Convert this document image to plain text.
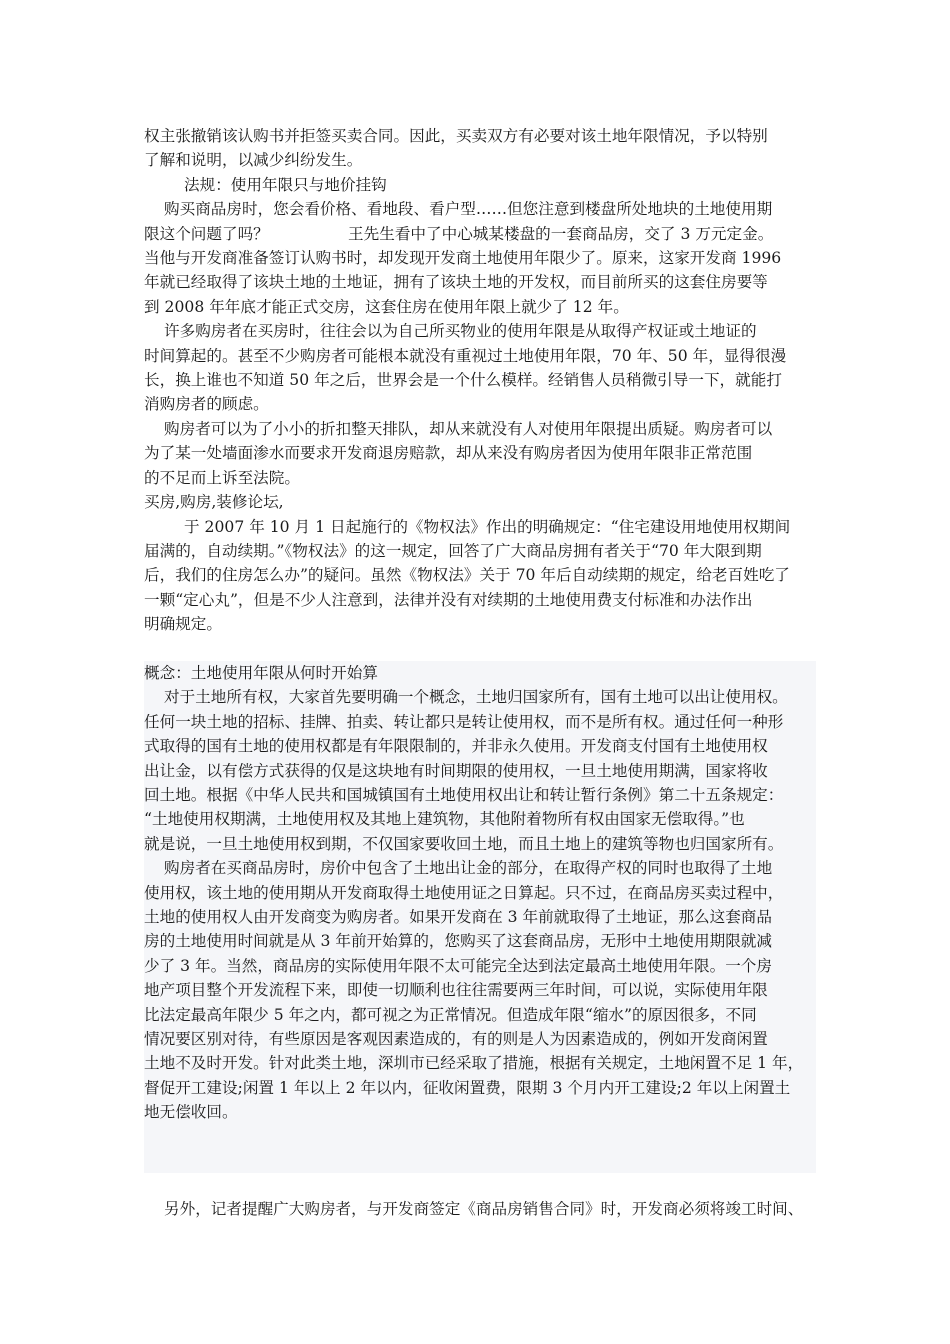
权主张撤销该认购书并拒签买卖合同。因此，买卖双方有必要对该土地年限情况，予以特别
了解和说明，以减少纠纷发生。
法规：使用年限只与地价挂钩
购买商品房时，您会看价格、看地段、看户型……但您注意到楼盘所处地块的土地使用期
限这个问题了吗？                王先生看中了中心城某楼盘的一套商品房，交了 3 万元定金。
当他与开发商准备签订认购书时，却发现开发商土地使用年限少了。原来，这家开发商 1996
年就已经取得了该块土地的土地证，拥有了该块土地的开发权，而目前所买的这套住房要等
到 2008 年年底才能正式交房，这套住房在使用年限上就少了 12 年。
许多购房者在买房时，往往会以为自己所买物业的使用年限是从取得产权证或土地证的
时间算起的。甚至不少购房者可能根本就没有重视过土地使用年限，70 年、50 年，显得很漫
长，换上谁也不知道 50 年之后，世界会是一个什么模样。经销售人员稍微引导一下，就能打
消购房者的顾虑。
购房者可以为了小小的折扣整天排队，却从来就没有人对使用年限提出质疑。购房者可以
为了某一处墙面渗水而要求开发商退房赔款，却从来没有购房者因为使用年限非正常范围
的不足而上诉至法院。
买房,购房,装修论坛,
于 2007 年 10 月 1 日起施行的《物权法》作出的明确规定：“住宅建设用地使用权期间
届满的，自动续期。”《物权法》的这一规定，回答了广大商品房拥有者关于“70 年大限到期
后，我们的住房怎么办”的疑问。虽然《物权法》关于 70 年后自动续期的规定，给老百姓吃了
一颗“定心丸”，但是不少人注意到，法律并没有对续期的土地使用费支付标准和办法作出
明确规定。
概念：土地使用年限从何时开始算
对于土地所有权，大家首先要明确一个概念，土地归国家所有，国有土地可以出让使用权。
任何一块土地的招标、挂牌、拍卖、转让都只是转让使用权，而不是所有权。通过任何一种形
式取得的国有土地的使用权都是有年限限制的，并非永久使用。开发商支付国有土地使用权
出让金，以有偿方式获得的仅是这块地有时间期限的使用权，一旦土地使用期满，国家将收
回土地。根据《中华人民共和国城镇国有土地使用权出让和转让暂行条例》第二十五条规定：
“土地使用权期满，土地使用权及其地上建筑物，其他附着物所有权由国家无偿取得。”也
就是说，一旦土地使用权到期，不仅国家要收回土地，而且土地上的建筑等物也归国家所有。
购房者在买商品房时，房价中包含了土地出让金的部分，在取得产权的同时也取得了土地
使用权，该土地的使用期从开发商取得土地使用证之日算起。只不过，在商品房买卖过程中，
土地的使用权人由开发商变为购房者。如果开发商在 3 年前就取得了土地证，那么这套商品
房的土地使用时间就是从 3 年前开始算的，您购买了这套商品房，无形中土地使用期限就减
少了 3 年。当然，商品房的实际使用年限不太可能完全达到法定最高土地使用年限。一个房
地产项目整个开发流程下来，即使一切顺利也往往需要两三年时间，可以说，实际使用年限
比法定最高年限少 5 年之内，都可视之为正常情况。但造成年限“缩水”的原因很多，不同
情况要区别对待，有些原因是客观因素造成的，有的则是人为因素造成的，例如开发商闲置
土地不及时开发。针对此类土地，深圳市已经采取了措施，根据有关规定，土地闲置不足 1 年，
督促开工建设;闲置 1 年以上 2 年以内，征收闲置费，限期 3 个月内开工建设;2 年以上闲置土
地无偿收回。
另外，记者提醒广大购房者，与开发商签定《商品房销售合同》时，开发商必须将竣工时间、
